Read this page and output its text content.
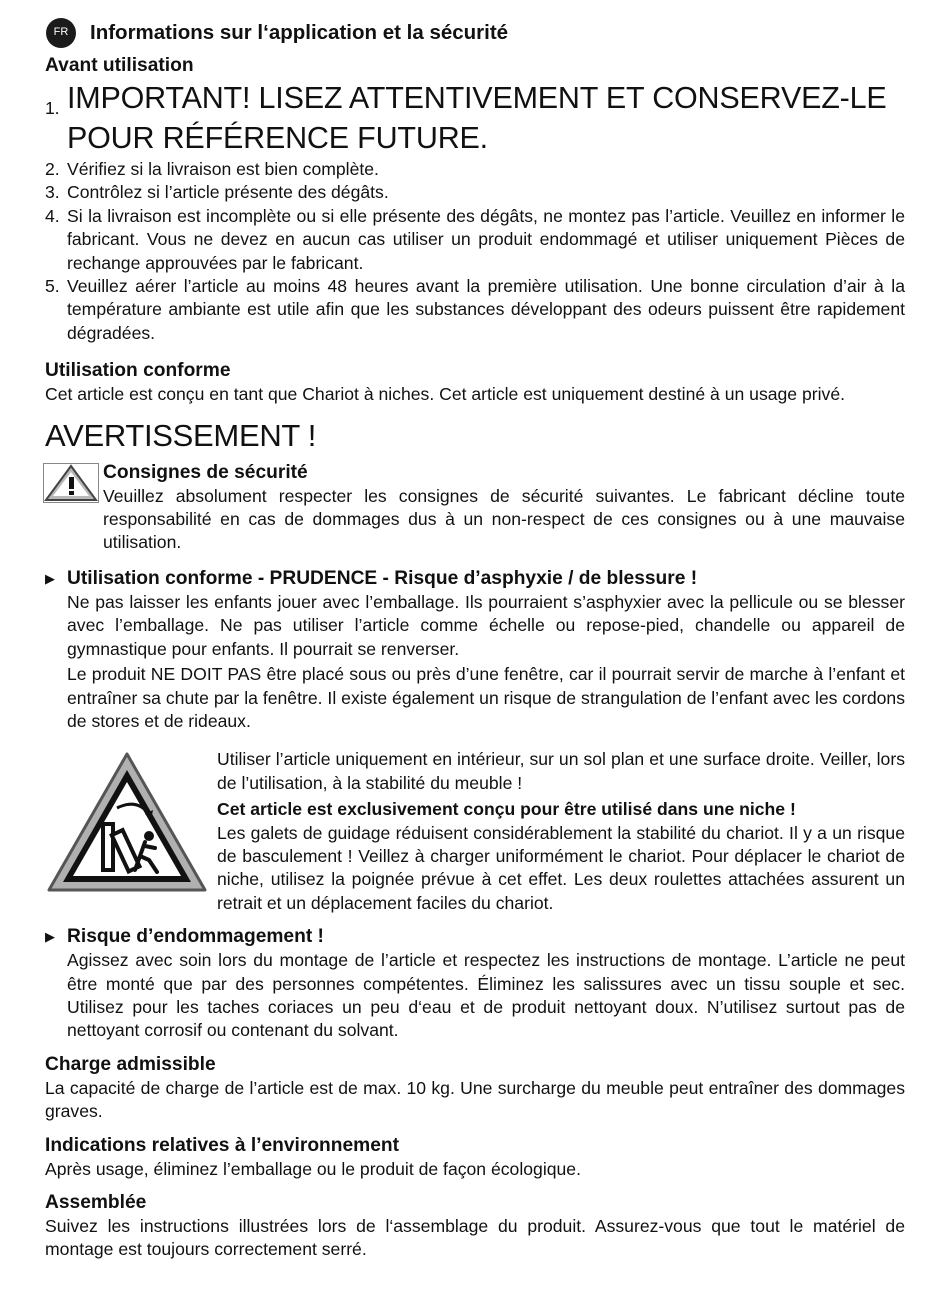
FR	Informations sur l‘application et la sécurité
Avant utilisation
1. IMPORTANT! LISEZ ATTENTIVEMENT ET CONSERVEZ-LE POUR RÉFÉRENCE FUTURE.
2. Vérifiez si la livraison est bien complète.
3. Contrôlez si l’article présente des dégâts.
4. Si la livraison est incomplète ou si elle présente des dégâts, ne montez pas l’article. Veuillez en informer le fabricant. Vous ne devez en aucun cas utiliser un produit endommagé et utiliser uniquement Pièces de rechange approuvées par le fabricant.
5. Veuillez aérer l’article au moins 48 heures avant la première utilisation. Une bonne circulation d’air à la température ambiante est utile afin que les substances développant des odeurs puissent être rapidement dégradées.
Utilisation conforme

Cet article est conçu en tant que Chariot à niches. Cet article est uniquement destiné à un usage privé.

AVERTISSEMENT !
Consignes de sécurité

Veuillez absolument respecter les consignes de sécurité suivantes. Le fabricant décline toute responsabilité en cas de dommages dus à un non-respect de ces consignes ou à une mauvaise utilisation.

▶ Utilisation conforme - PRUDENCE - Risque d’asphyxie / de blessure !

Ne pas laisser les enfants jouer avec l’emballage. Ils pourraient s’asphyxier avec la pellicule ou se blesser avec l’emballage. Ne pas utiliser l’article comme échelle ou repose-pied, chandelle ou appareil de gymnastique pour enfants. Il pourrait se renverser.

Le produit NE DOIT PAS être placé sous ou près d’une fenêtre, car il pourrait servir de marche à l’enfant et entraîner sa chute par la fenêtre. Il existe également un risque de strangulation de l’enfant avec les cordons de stores et de rideaux.

Utiliser l’article uniquement en intérieur, sur un sol plan et une surface droite. Veiller, lors de l’utilisation, à la stabilité du meuble !

Cet article est exclusivement conçu pour être utilisé dans une niche !

Les galets de guidage réduisent considérablement la stabilité du chariot. Il y a un risque de basculement ! Veillez à charger uniformément le chariot. Pour déplacer le chariot de niche, utilisez la poignée prévue à cet effet. Les deux roulettes attachées assurent un retrait et un déplacement faciles du chariot.

▶ Risque d’endommagement !

Agissez avec soin lors du montage de l’article et respectez les instructions de montage. L’article ne peut être monté que par des personnes compétentes. Éliminez les salissures avec un tissu souple et sec. Utilisez pour les taches coriaces un peu d‘eau et de produit nettoyant doux. N’utilisez surtout pas de nettoyant corrosif ou contenant du solvant.

Charge admissible

La capacité de charge de l’article est de max. 10 kg. Une surcharge du meuble peut entraîner des dommages graves.

Indications relatives à l’environnement

Après usage, éliminez l’emballage ou le produit de façon écologique.

Assemblée

Suivez les instructions illustrées lors de l‘assemblage du produit. Assurez-vous que tout le matériel de montage est toujours correctement serré.
